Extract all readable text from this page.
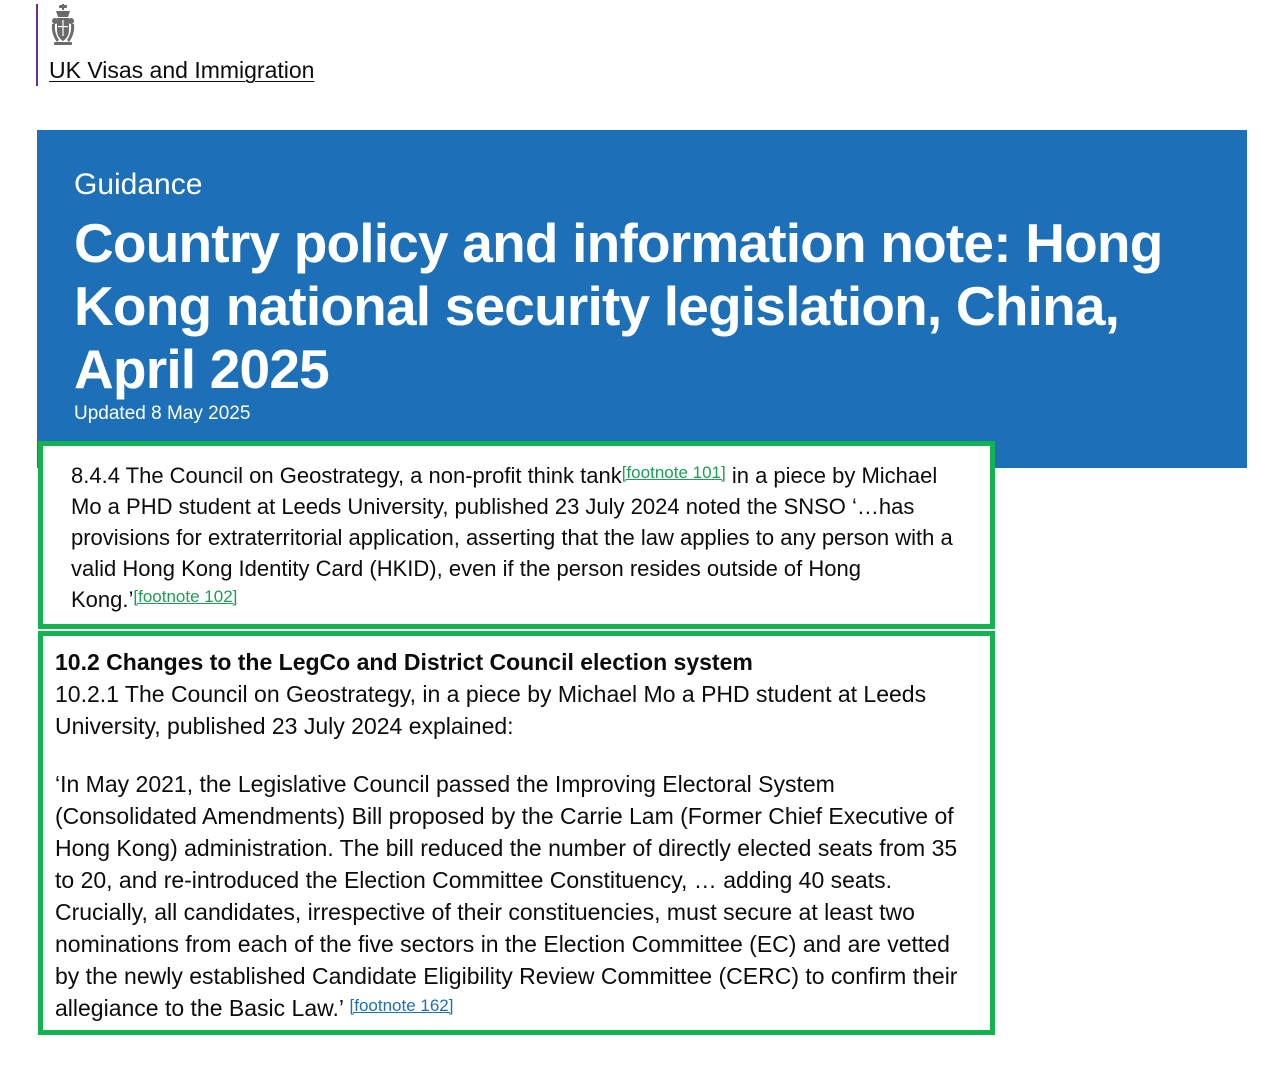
UK Visas and Immigration
Guidance
Country policy and information note: Hong Kong national security legislation, China, April 2025
Updated 8 May 2025

8.4.4 The Council on Geostrategy, a non-profit think tank[footnote 101] in a piece by Michael Mo a PHD student at Leeds University, published 23 July 2024 noted the SNSO ‘…has provisions for extraterritorial application, asserting that the law applies to any person with a valid Hong Kong Identity Card (HKID), even if the person resides outside of Hong Kong.’[footnote 102]

10.2 Changes to the LegCo and District Council election system

10.2.1 The Council on Geostrategy, in a piece by Michael Mo a PHD student at Leeds University, published 23 July 2024 explained:

‘In May 2021, the Legislative Council passed the Improving Electoral System (Consolidated Amendments) Bill proposed by the Carrie Lam (Former Chief Executive of Hong Kong) administration. The bill reduced the number of directly elected seats from 35 to 20, and re-introduced the Election Committee Constituency, … adding 40 seats. Crucially, all candidates, irrespective of their constituencies, must secure at least two nominations from each of the five sectors in the Election Committee (EC) and are vetted by the newly established Candidate Eligibility Review Committee (CERC) to confirm their allegiance to the Basic Law.’ [footnote 162]
